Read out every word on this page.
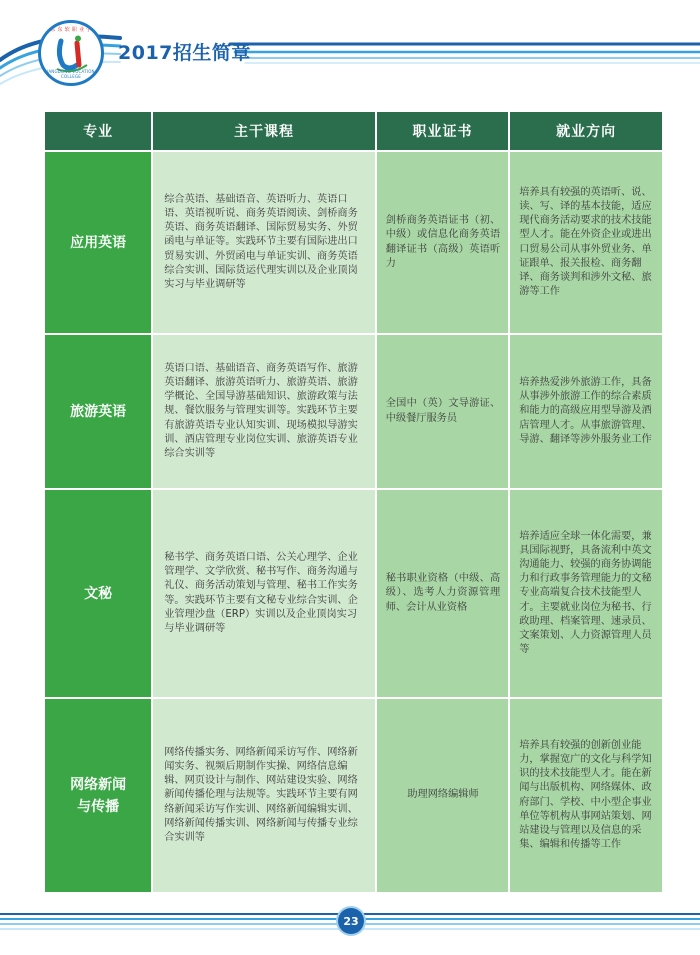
广 东 东 软 职 业 学 院
GUANGDONG VOCATIONAL COLLEGE
2017招生简章
专业	主干课程	职业证书	就业方向
应用英语	综合英语、基础语音、英语听力、英语口语、英语视听说、商务英语阅读、剑桥商务英语、商务英语翻译、国际贸易实务、外贸函电与单证等。实践环节主要有国际进出口贸易实训、外贸函电与单证实训、商务英语综合实训、国际货运代理实训以及企业顶岗实习与毕业调研等	剑桥商务英语证书（初、中级）或信息化商务英语翻译证书（高级）英语听力	培养具有较强的英语听、说、读、写、译的基本技能，适应现代商务活动要求的技术技能型人才。能在外资企业或进出口贸易公司从事外贸业务、单证跟单、报关报检、商务翻译、商务谈判和涉外文秘、旅游等工作
旅游英语	英语口语、基础语音、商务英语写作、旅游英语翻译、旅游英语听力、旅游英语、旅游学概论、全国导游基础知识、旅游政策与法规、餐饮服务与管理实训等。实践环节主要有旅游英语专业认知实训、现场模拟导游实训、酒店管理专业岗位实训、旅游英语专业综合实训等	全国中（英）文导游证、中级餐厅服务员	培养热爱涉外旅游工作，具备从事涉外旅游工作的综合素质和能力的高级应用型导游及酒店管理人才。从事旅游管理、导游、翻译等涉外服务业工作
文秘	秘书学、商务英语口语、公关心理学、企业管理学、文学欣赏、秘书写作、商务沟通与礼仪、商务活动策划与管理、秘书工作实务等。实践环节主要有文秘专业综合实训、企业管理沙盘（ERP）实训以及企业顶岗实习与毕业调研等	秘书职业资格（中级、高级）、选考人力资源管理师、会计从业资格	培养适应全球一体化需要，兼具国际视野，具备流利中英文沟通能力、较强的商务协调能力和行政事务管理能力的文秘专业高端复合技术技能型人才。主要就业岗位为秘书、行政助理、档案管理、速录员、文案策划、人力资源管理人员等
网络新闻与传播	网络传播实务、网络新闻采访写作、网络新闻实务、视频后期制作实操、网络信息编辑、网页设计与制作、网站建设实验、网络新闻传播伦理与法规等。实践环节主要有网络新闻采访写作实训、网络新闻编辑实训、网络新闻传播实训、网络新闻与传播专业综合实训等	助理网络编辑师	培养具有较强的创新创业能力，掌握宽广的文化与科学知识的技术技能型人才。能在新闻与出版机构、网络媒体、政府部门、学校、中小型企事业单位等机构从事网站策划、网站建设与管理以及信息的采集、编辑和传播等工作
23
